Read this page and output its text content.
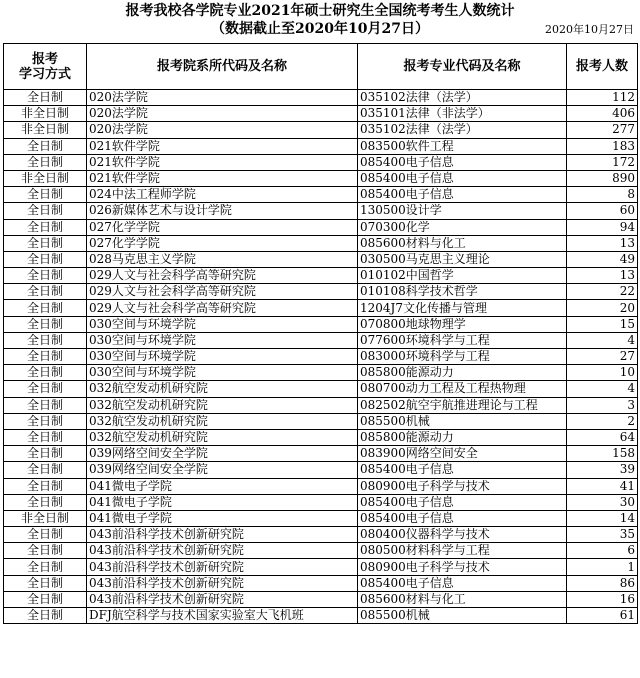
报考我校各学院专业2021年硕士研究生全国统考考生人数统计
（数据截止至2020年10月27日）	2020年10月27日
报考
学习方式	报考院系所代码及名称	报考专业代码及名称	报考人数
全日制	020法学院	035102法律（法学）	112
非全日制	020法学院	035101法律（非法学）	406
非全日制	020法学院	035102法律（法学）	277
全日制	021软件学院	083500软件工程	183
全日制	021软件学院	085400电子信息	172
非全日制	021软件学院	085400电子信息	890
全日制	024中法工程师学院	085400电子信息	8
全日制	026新媒体艺术与设计学院	130500设计学	60
全日制	027化学学院	070300化学	94
全日制	027化学学院	085600材料与化工	13
全日制	028马克思主义学院	030500马克思主义理论	49
全日制	029人文与社会科学高等研究院	010102中国哲学	13
全日制	029人文与社会科学高等研究院	010108科学技术哲学	22
全日制	029人文与社会科学高等研究院	1204J7文化传播与管理	20
全日制	030空间与环境学院	070800地球物理学	15
全日制	030空间与环境学院	077600环境科学与工程	4
全日制	030空间与环境学院	083000环境科学与工程	27
全日制	030空间与环境学院	085800能源动力	10
全日制	032航空发动机研究院	080700动力工程及工程热物理	4
全日制	032航空发动机研究院	082502航空宇航推进理论与工程	3
全日制	032航空发动机研究院	085500机械	2
全日制	032航空发动机研究院	085800能源动力	64
全日制	039网络空间安全学院	083900网络空间安全	158
全日制	039网络空间安全学院	085400电子信息	39
全日制	041微电子学院	080900电子科学与技术	41
全日制	041微电子学院	085400电子信息	30
非全日制	041微电子学院	085400电子信息	14
全日制	043前沿科学技术创新研究院	080400仪器科学与技术	35
全日制	043前沿科学技术创新研究院	080500材料科学与工程	6
全日制	043前沿科学技术创新研究院	080900电子科学与技术	1
全日制	043前沿科学技术创新研究院	085400电子信息	86
全日制	043前沿科学技术创新研究院	085600材料与化工	16
全日制	DFJ航空科学与技术国家实验室大飞机班	085500机械	61
